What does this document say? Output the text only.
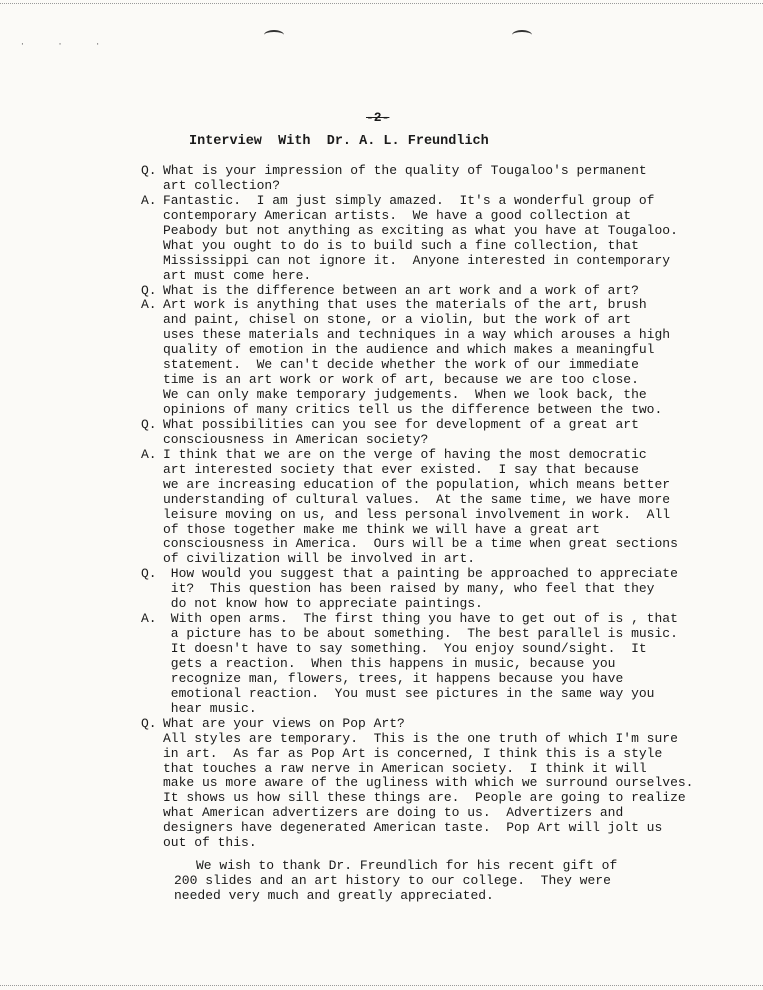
· · ·
-2-
Interview  With  Dr. A. L. Freundlich
Q. What is your impression of the quality of Tougaloo's permanent
art collection?
A. Fantastic.  I am just simply amazed.  It's a wonderful group of
contemporary American artists.  We have a good collection at
Peabody but not anything as exciting as what you have at Tougaloo.
What you ought to do is to build such a fine collection, that
Mississippi can not ignore it.  Anyone interested in contemporary
art must come here.
Q. What is the difference between an art work and a work of art?
A. Art work is anything that uses the materials of the art, brush
and paint, chisel on stone, or a violin, but the work of art
uses these materials and techniques in a way which arouses a high
quality of emotion in the audience and which makes a meaningful
statement.  We can't decide whether the work of our immediate
time is an art work or work of art, because we are too close.
We can only make temporary judgements.  When we look back, the
opinions of many critics tell us the difference between the two.
Q. What possibilities can you see for development of a great art
consciousness in American society?
A. I think that we are on the verge of having the most democratic
art interested society that ever existed.  I say that because
we are increasing education of the population, which means better
understanding of cultural values.  At the same time, we have more
leisure moving on us, and less personal involvement in work.  All
of those together make me think we will have a great art
consciousness in America.  Ours will be a time when great sections
of civilization will be involved in art.
Q. How would you suggest that a painting be approached to appreciate
it?  This question has been raised by many, who feel that they
do not know how to appreciate paintings.
A. With open arms.  The first thing you have to get out of is , that
a picture has to be about something.  The best parallel is music.
It doesn't have to say something.  You enjoy sound/sight.  It
gets a reaction.  When this happens in music, because you
recognize man, flowers, trees, it happens because you have
emotional reaction.  You must see pictures in the same way you
hear music.
Q. What are your views on Pop Art?
All styles are temporary.  This is the one truth of which I'm sure
in art.  As far as Pop Art is concerned, I think this is a style
that touches a raw nerve in American society.  I think it will
make us more aware of the ugliness with which we surround ourselves.
It shows us how sill these things are.  People are going to realize
what American advertizers are doing to us.  Advertizers and
designers have degenerated American taste.  Pop Art will jolt us
out of this.
We wish to thank Dr. Freundlich for his recent gift of
200 slides and an art history to our college.  They were
needed very much and greatly appreciated.
